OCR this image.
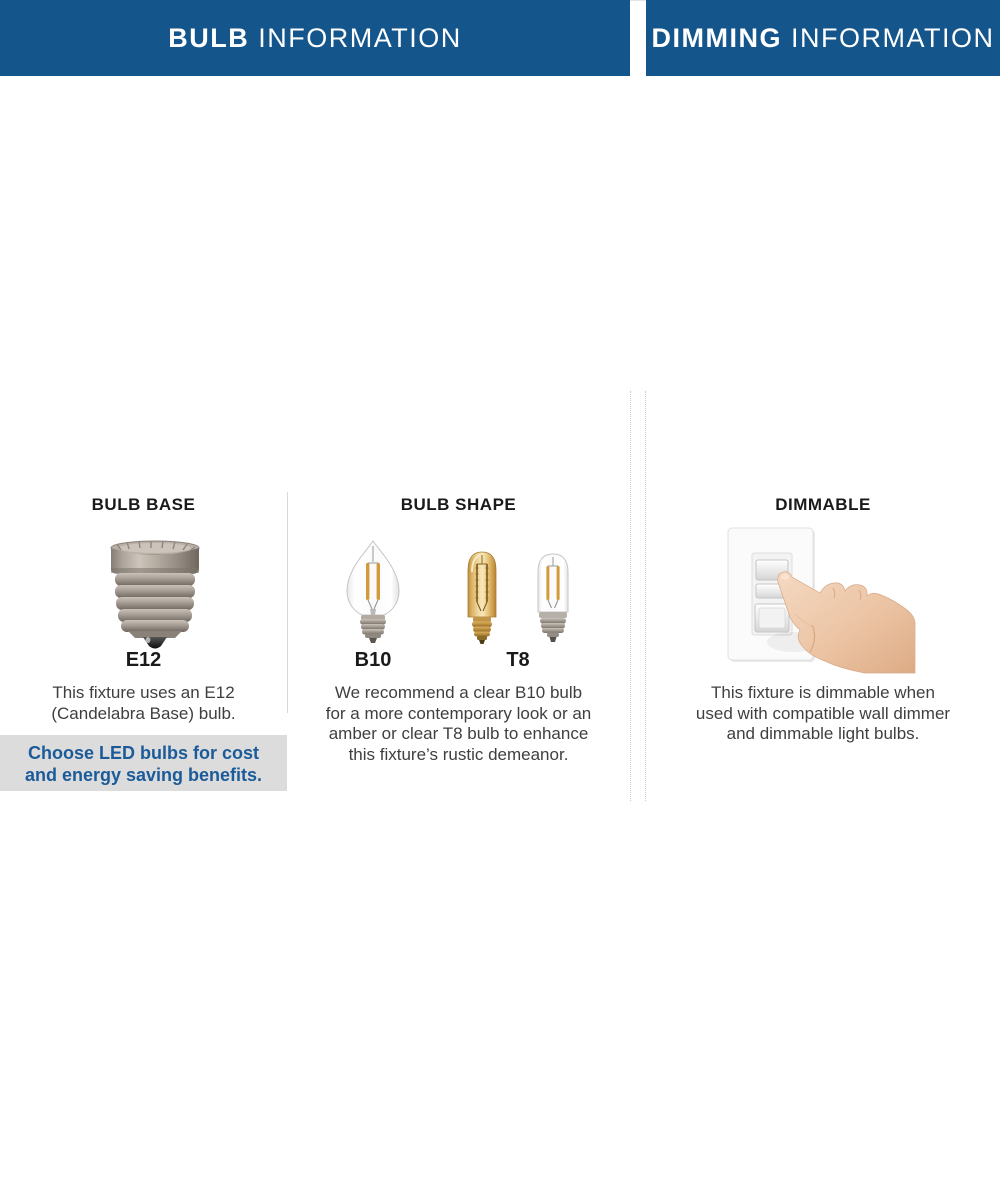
BULB INFORMATION	DIMMING INFORMATION
BULB BASE
E12
This fixture uses an E12
(Candelabra Base) bulb.
Choose LED bulbs for cost
and energy saving benefits.
BULB SHAPE
B10	T8
We recommend a clear B10 bulb
for a more contemporary look or an
amber or clear T8 bulb to enhance
this fixture’s rustic demeanor.
DIMMABLE
This fixture is dimmable when
used with compatible wall dimmer
and dimmable light bulbs.
